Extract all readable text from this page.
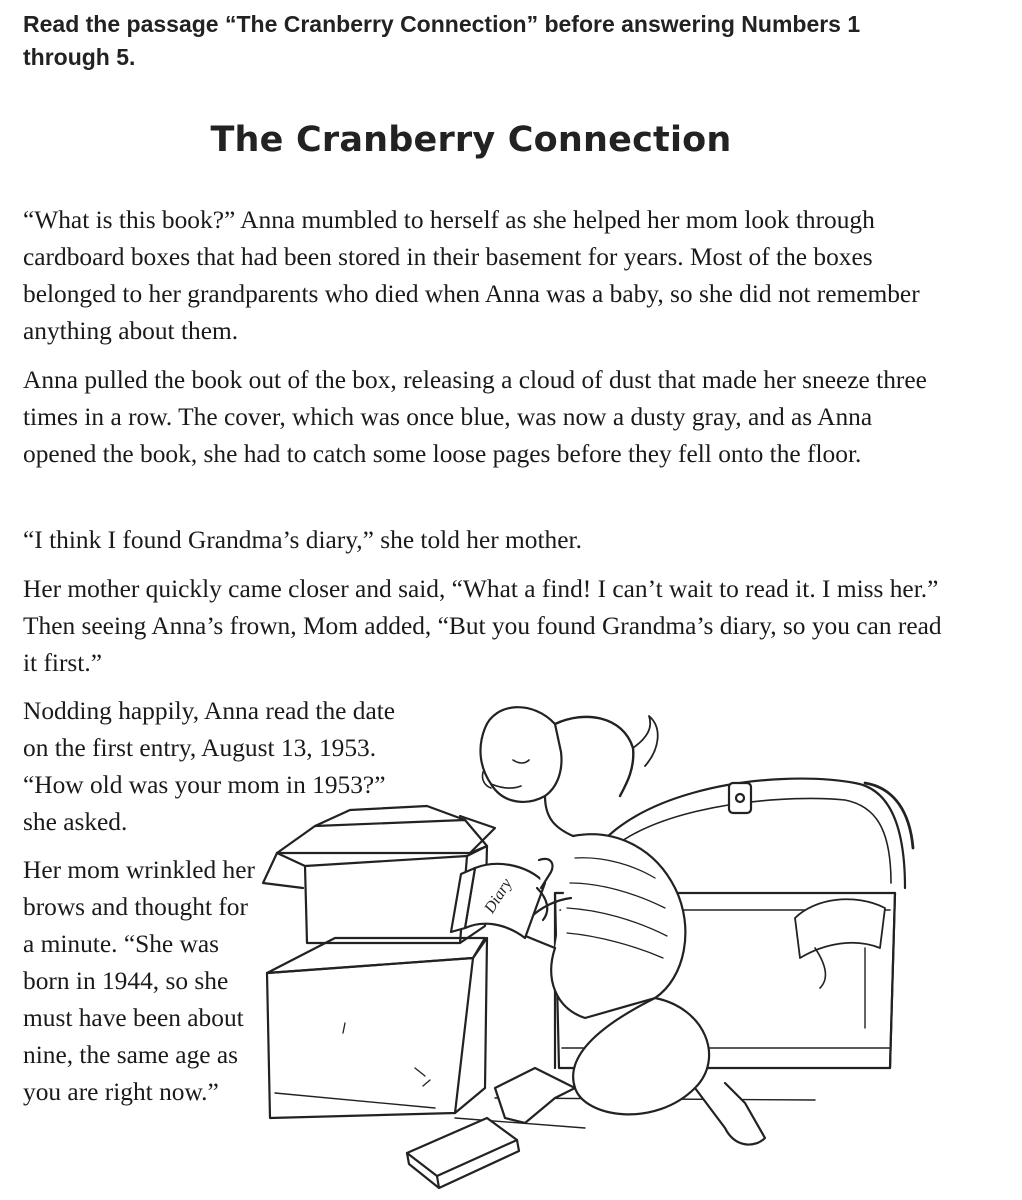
Read the passage “The Cranberry Connection” before answering Numbers 1 through 5.
The Cranberry Connection

“What is this book?” Anna mumbled to herself as she helped her mom look through cardboard boxes that had been stored in their basement for years. Most of the boxes belonged to her grandparents who died when Anna was a baby, so she did not remember anything about them.

Anna pulled the book out of the box, releasing a cloud of dust that made her sneeze three times in a row. The cover, which was once blue, was now a dusty gray, and as Anna opened the book, she had to catch some loose pages before they fell onto the floor.

“I think I found Grandma’s diary,” she told her mother.

Her mother quickly came closer and said, “What a find! I can’t wait to read it. I miss her.” Then seeing Anna’s frown, Mom added, “But you found Grandma’s diary, so you can read it first.”

Nodding happily, Anna read the date on the first entry, August 13, 1953. “How old was your mom in 1953?” she asked.

Her mom wrinkled her brows and thought for a minute. “She was born in 1944, so she must have been about nine, the same age as you are right now.”

Diary
